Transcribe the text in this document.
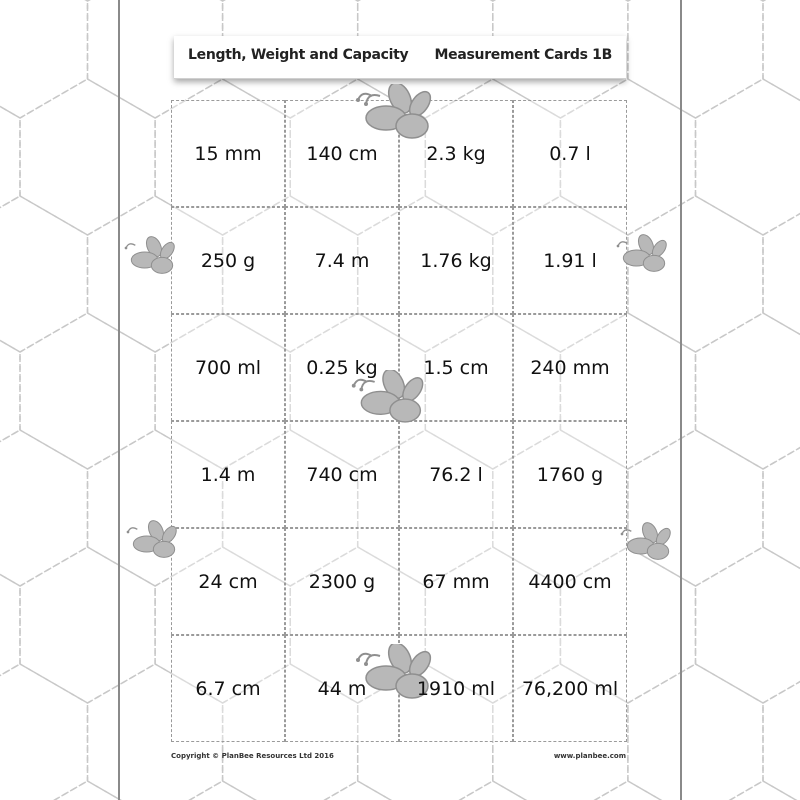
Length, Weight and Capacity Measurement Cards 1B
15 mm 140 cm	2.3 kg	0.7 l
250 g	7.4 m	1.76 kg	1.91 l
700 ml 0.25 kg 1.5 cm 240 mm
1.4 m	740 cm	76.2 l	1760 g
24 cm	2300 g 67 mm 4400 cm
6.7 cm	44 m	1910 ml 76,200 ml
Copyright © PlanBee Resources Ltd 2016	www.planbee.com
